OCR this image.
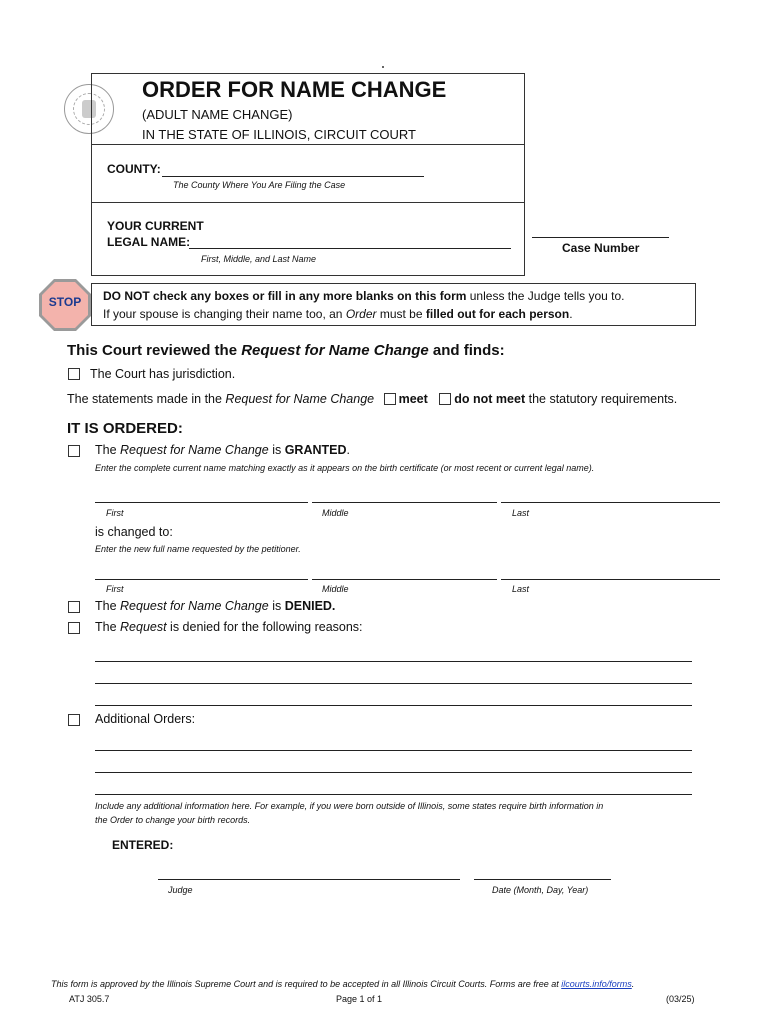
ORDER FOR NAME CHANGE
(ADULT NAME CHANGE)
IN THE STATE OF ILLINOIS, CIRCUIT COURT
COUNTY:
The County Where You Are Filing the Case
YOUR CURRENT
LEGAL NAME:
First, Middle, and Last Name
Case Number
STOP	DO NOT check any boxes or fill in any more blanks on this form unless the Judge tells you to.
If your spouse is changing their name too, an Order must be filled out for each person.
This Court reviewed the Request for Name Change and finds:
The Court has jurisdiction.
The statements made in the Request for Name Change meet do not meet the statutory requirements.
IT IS ORDERED:
The Request for Name Change is GRANTED.
Enter the complete current name matching exactly as it appears on the birth certificate (or most recent or current legal name).
First	Middle	Last
is changed to:
Enter the new full name requested by the petitioner.
First	Middle	Last
The Request for Name Change is DENIED.
The Request is denied for the following reasons:
Additional Orders:
Include any additional information here. For example, if you were born outside of Illinois, some states require birth information in
the Order to change your birth records.
ENTERED:
Judge	Date (Month, Day, Year)
This form is approved by the Illinois Supreme Court and is required to be accepted in all Illinois Circuit Courts. Forms are free at ilcourts.info/forms.
ATJ 305.7	Page 1 of 1	(03/25)
